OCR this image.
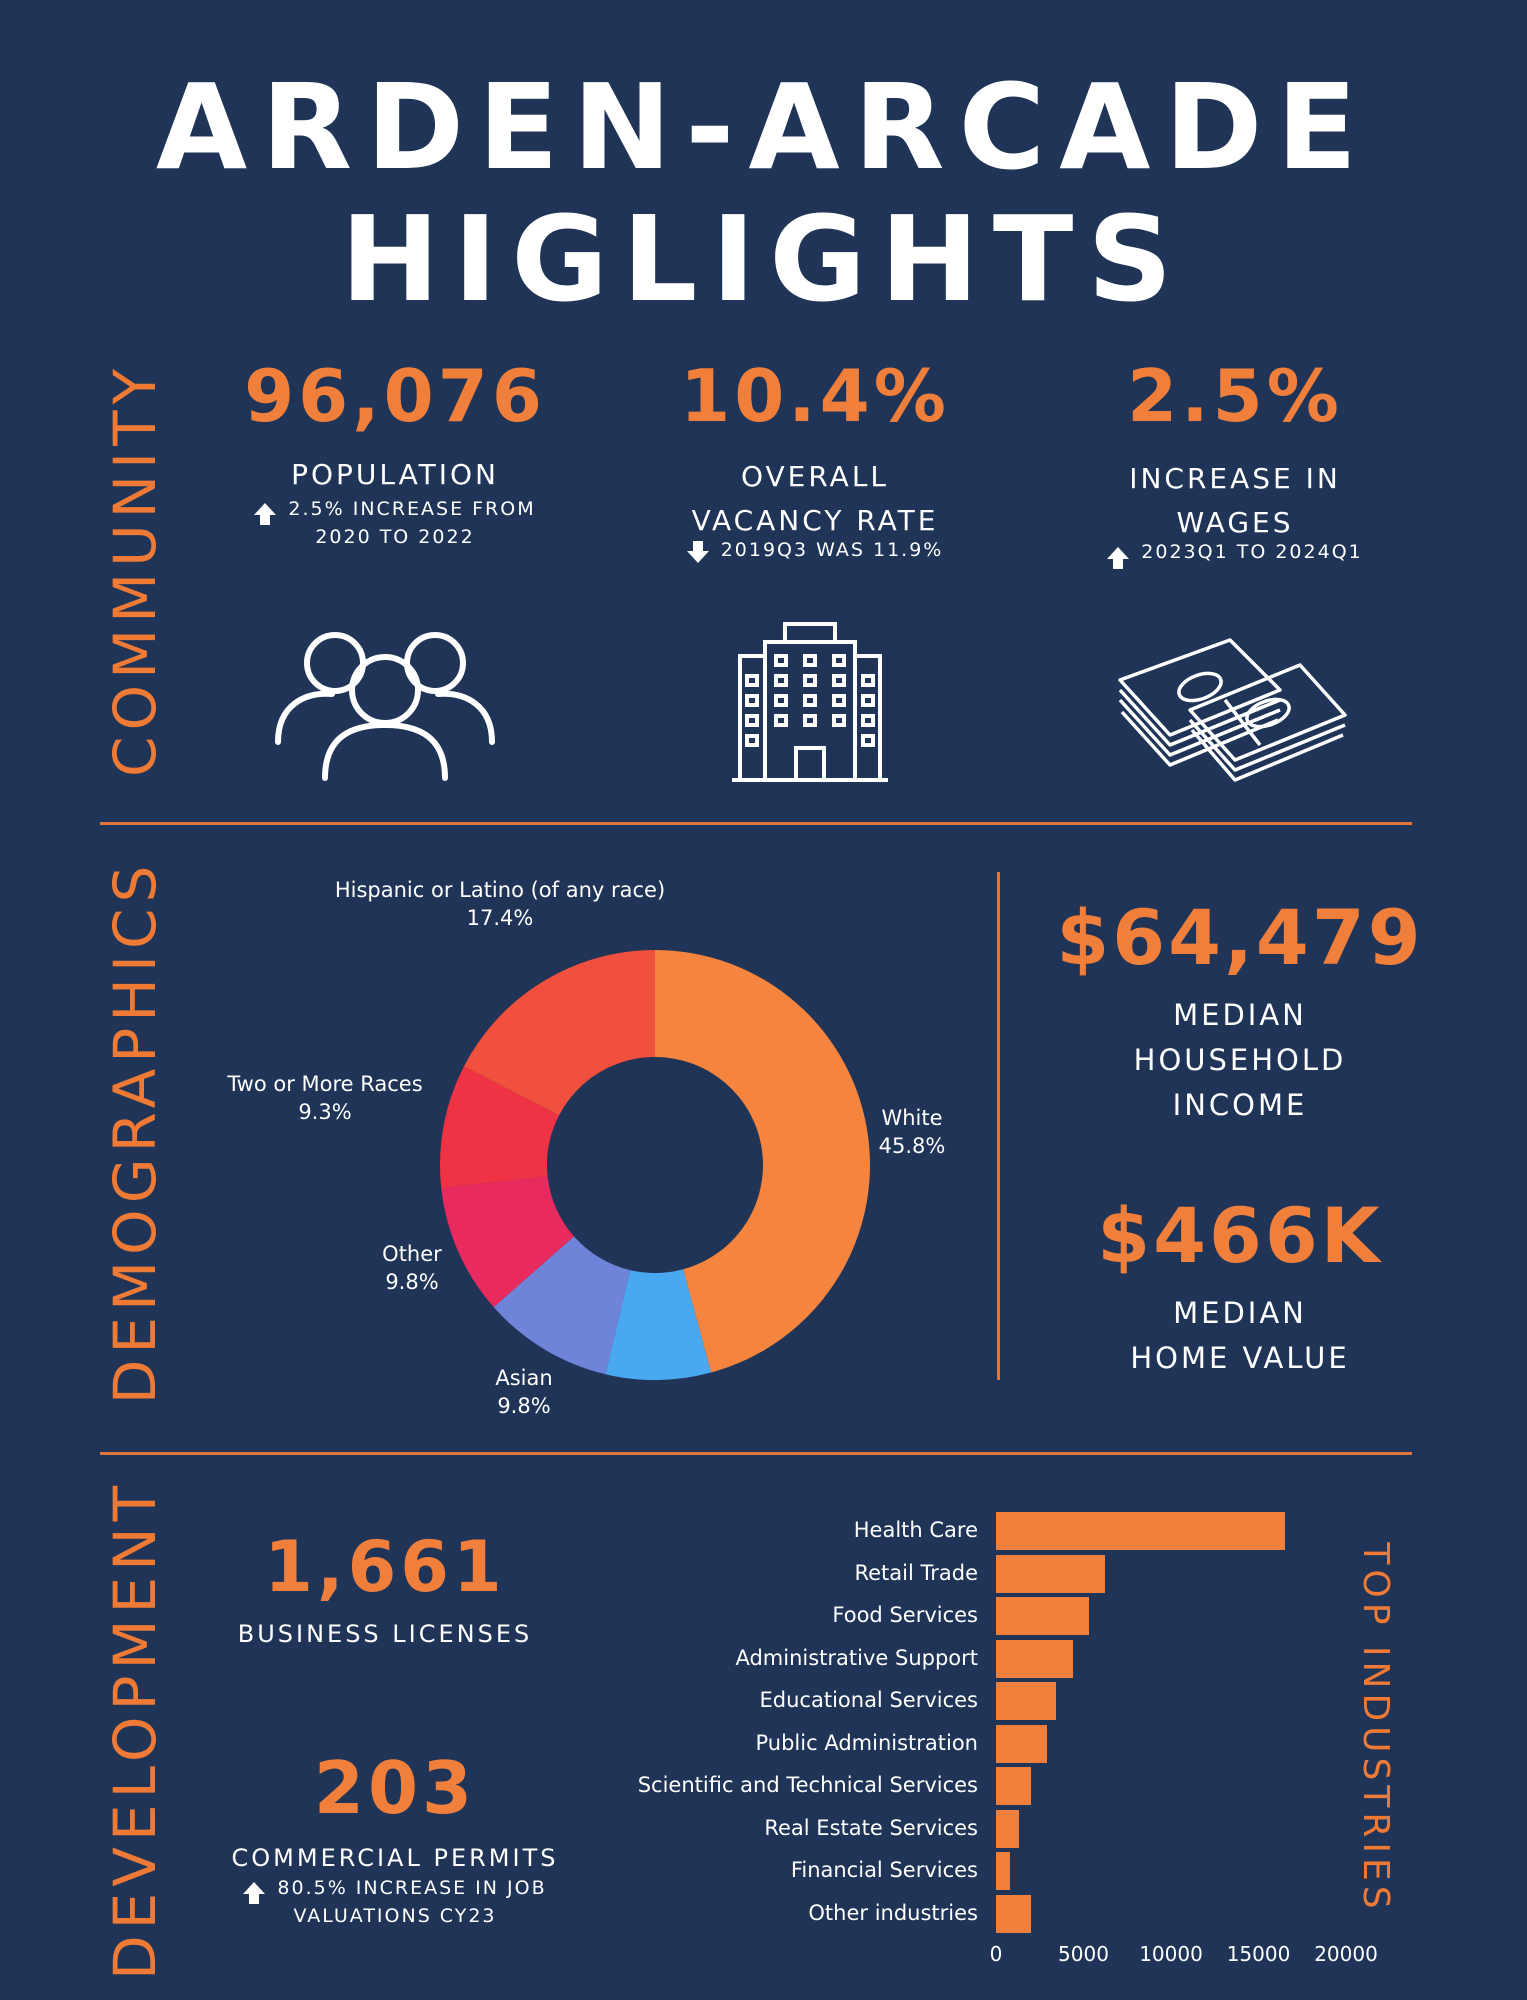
ARDEN-ARCADE
HIGLIGHTS
COMMUNITY
DEMOGRAPHICS
DEVELOPMENT
96,076
POPULATION
2.5% INCREASE FROM
2020 TO 2022
10.4%
OVERALL
VACANCY RATE
2019Q3 WAS 11.9%
2.5%
INCREASE IN
WAGES
2023Q1 TO 2024Q1
Hispanic or Latino (of any race)
17.4%
Two or More Races
9.3%	White
45.8%
Other
9.8%
Asian
9.8%
$64,479
MEDIAN
HOUSEHOLD
INCOME
$466K
MEDIAN
HOME VALUE
1,661
BUSINESS LICENSES
203
COMMERCIAL PERMITS
80.5% INCREASE IN JOB
VALUATIONS CY23
Health Care
Retail Trade
Food Services
Administrative Support
Educational Services
Public Administration
Scientific and Technical Services
Real Estate Services
Financial Services
Other industries
0	5000	10000	15000	20000
TOP INDUSTRIES
